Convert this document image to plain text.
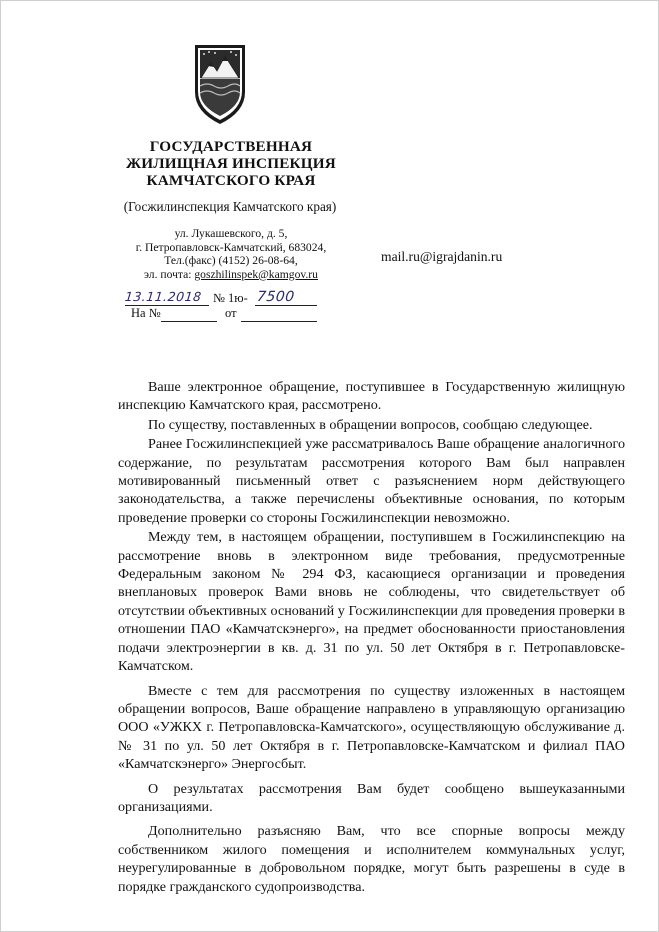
ГОСУДАРСТВЕННАЯ
ЖИЛИЩНАЯ ИНСПЕКЦИЯ
КАМЧАТСКОГО КРАЯ
(Госжилинспекция Камчатского края)
ул. Лукашевского, д. 5,
г. Петропавловск-Камчатский, 683024,
Тел.(факс) (4152) 26-08-64,
эл. почта: goszhilinspek@kamgov.ru
mail.ru@igrajdanin.ru
13.11.2018 № 1ю- 7500
На №	от

Ваше электронное обращение, поступившее в Государственную жилищную инспекцию Камчатского края, рассмотрено.

По существу, поставленных в обращении вопросов, сообщаю следующее.

Ранее Госжилинспекцией уже рассматривалось Ваше обращение аналогичного содержание, по результатам рассмотрения которого Вам был направлен мотивированный письменный ответ с разъяснением норм действующего законодательства, а также перечислены объективные основания, по которым проведение проверки со стороны Госжилинспекции невозможно.

Между тем, в настоящем обращении, поступившем в Госжилинспекцию на рассмотрение вновь в электронном виде требования, предусмотренные Федеральным законом № 294 ФЗ, касающиеся организации и проведения внеплановых проверок Вами вновь не соблюдены, что свидетельствует об отсутствии объективных оснований у Госжилинспекции для проведения проверки в отношении ПАО «Камчатскэнерго», на предмет обоснованности приостановления подачи электроэнергии в кв. д. 31 по ул. 50 лет Октября в г. Петропавловске-Камчатском.

Вместе с тем для рассмотрения по существу изложенных в настоящем обращении вопросов, Ваше обращение направлено в управляющую организацию ООО «УЖКХ г. Петропавловска-Камчатского», осуществляющую обслуживание д. № 31 по ул. 50 лет Октября в г. Петропавловске-Камчатском и филиал ПАО «Камчатскэнерго» Энергосбыт.

О результатах рассмотрения Вам будет сообщено вышеуказанными организациями.

Дополнительно разъясняю Вам, что все спорные вопросы между собственником жилого помещения и исполнителем коммунальных услуг, неурегулированные в добровольном порядке, могут быть разрешены в суде в порядке гражданского судопроизводства.
